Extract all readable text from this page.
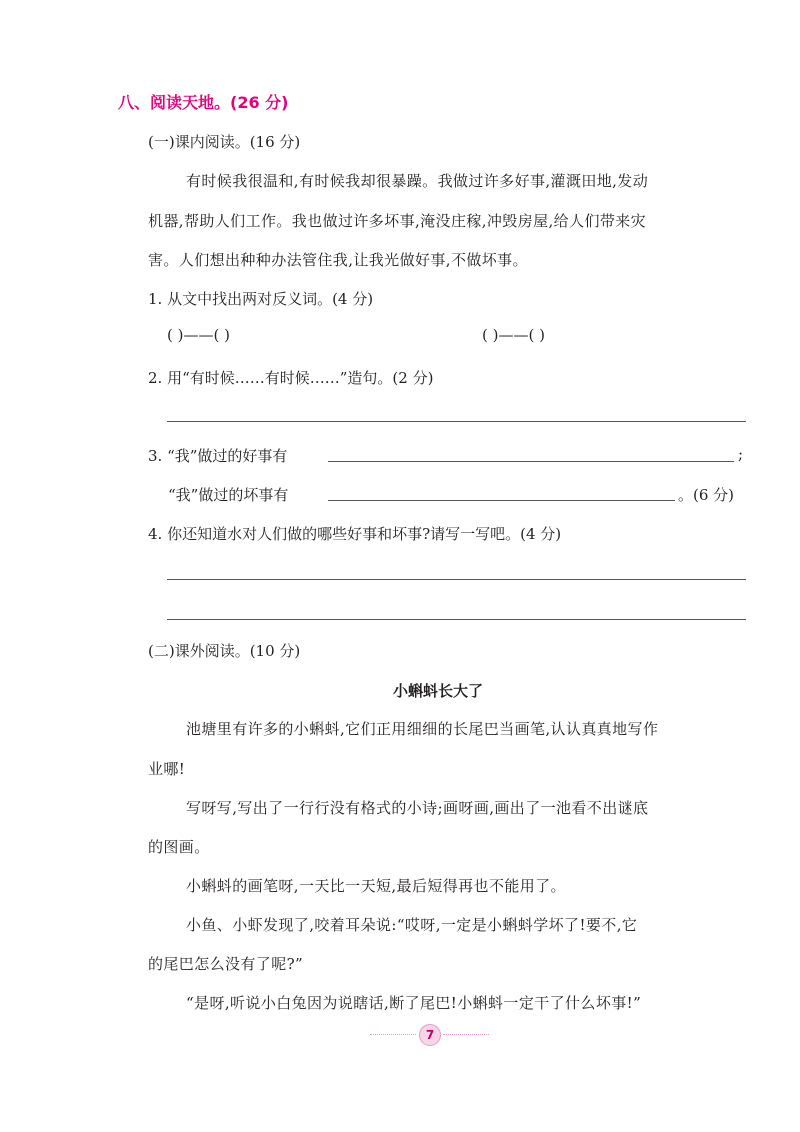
八、阅读天地。(26 分)
(一)课内阅读。(16 分)
有时候我很温和,有时候我却很暴躁。我做过许多好事,灌溉田地,发动
机器,帮助人们工作。我也做过许多坏事,淹没庄稼,冲毁房屋,给人们带来灾
害。人们想出种种办法管住我,让我光做好事,不做坏事。
1. 从文中找出两对反义词。(4 分)
( )——( )	( )——( )
2. 用“有时候……有时候……”造句。(2 分)
3. “我”做过的好事有	;
“我”做过的坏事有	。(6 分)
4. 你还知道水对人们做的哪些好事和坏事?请写一写吧。(4 分)
(二)课外阅读。(10 分)
小蝌蚪长大了
池塘里有许多的小蝌蚪,它们正用细细的长尾巴当画笔,认认真真地写作
业哪!
写呀写,写出了一行行没有格式的小诗;画呀画,画出了一池看不出谜底
的图画。
小蝌蚪的画笔呀,一天比一天短,最后短得再也不能用了。
小鱼、小虾发现了,咬着耳朵说:“哎呀,一定是小蝌蚪学坏了!要不,它
的尾巴怎么没有了呢?”
“是呀,听说小白兔因为说瞎话,断了尾巴!小蝌蚪一定干了什么坏事!”
7
